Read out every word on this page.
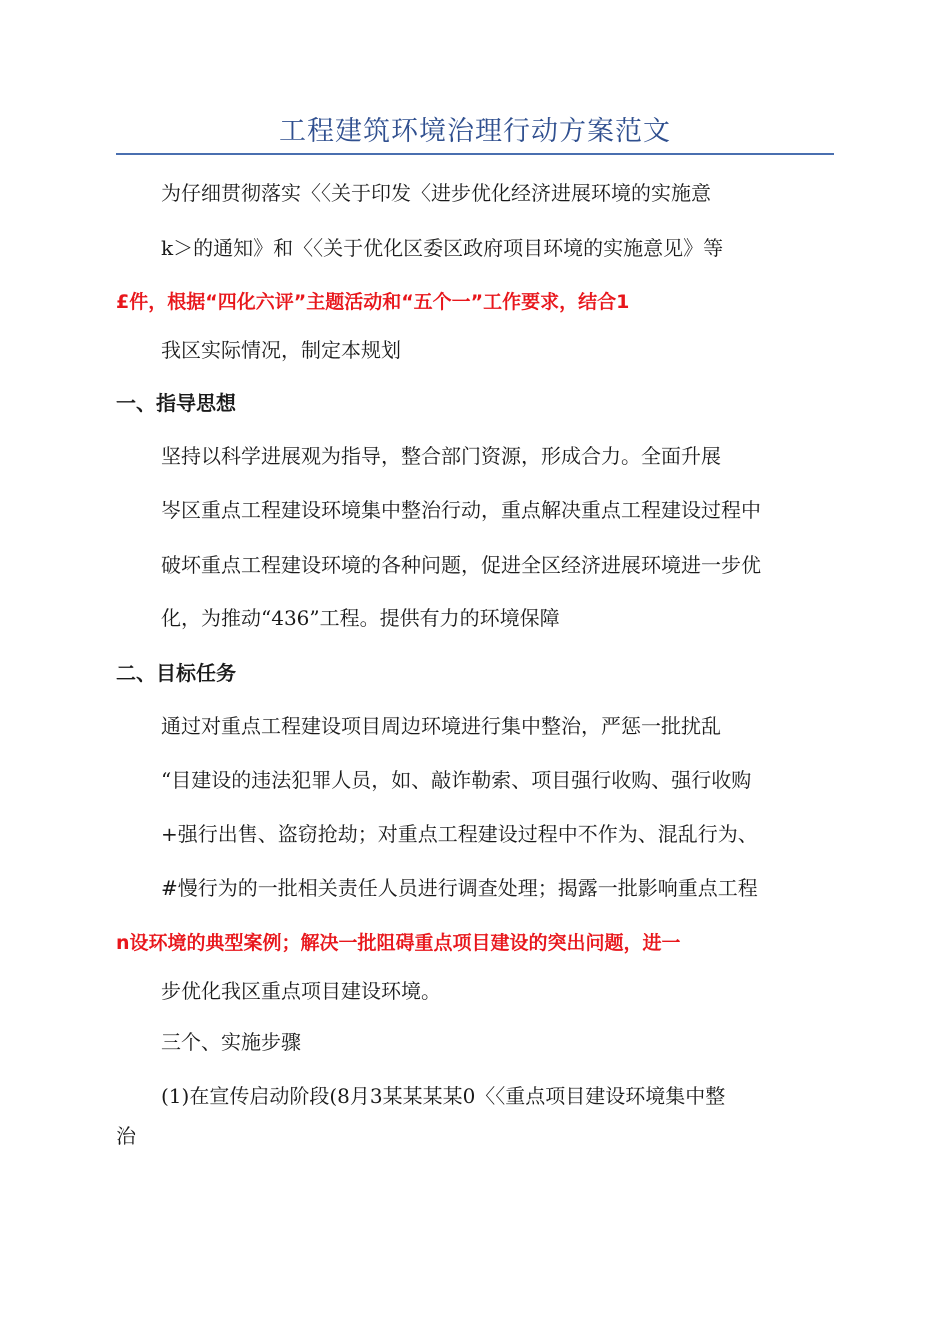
工程建筑环境治理行动方案范文

为仔细贯彻落实〈〈关于印发〈进步优化经济进展环境的实施意

k＞的通知》和〈〈关于优化区委区政府项目环境的实施意见》等

£件，根据“四化六评”主题活动和“五个一”工作要求，结合1

我区实际情况，制定本规划

一、指导思想

坚持以科学进展观为指导，整合部门资源，形成合力。全面升展

岑区重点工程建设环境集中整治行动，重点解决重点工程建设过程中

破坏重点工程建设环境的各种问题，促进全区经济进展环境进一步优

化，为推动“436”工程。提供有力的环境保障

二、目标任务

通过对重点工程建设项目周边环境进行集中整治，严惩一批扰乱

“目建设的违法犯罪人员，如、敲诈勒索、项目强行收购、强行收购

+强行出售、盗窃抢劫；对重点工程建设过程中不作为、混乱行为、

#慢行为的一批相关责任人员进行调查处理；揭露一批影响重点工程

n设环境的典型案例；解决一批阻碍重点项目建设的突出问题，进一

步优化我区重点项目建设环境。

三个、实施步骤

(1)在宣传启动阶段(8月3某某某某0〈〈重点项目建设环境集中整

治
